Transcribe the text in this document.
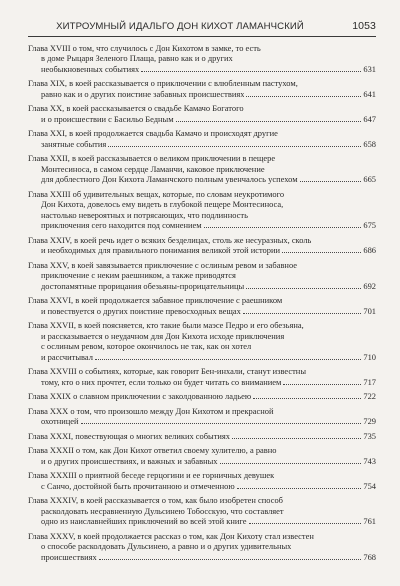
ХИТРОУМНЫЙ ИДАЛЬГО ДОН КИХОТ ЛАМАНЧСКИЙ	1053
Глава XVIII о том, что случилось с Дон Кихотом в замке, то есть
в доме Рыцаря Зеленого Плаща, равно как и о других
необыкновенных событиях	631
Глава XIX, в коей рассказывается о приключении с влюбленным пастухом,
равно как и о других поистине забавных происшествиях	641
Глава XX, в коей рассказывается о свадьбе Камачо Богатого
и о происшествии с Басильо Бедным	647
Глава XXI, в коей продолжается свадьба Камачо и происходят другие
занятные события	658
Глава XXII, в коей рассказывается о великом приключении в пещере
Монтесиноса, в самом сердце Ламанчи, каковое приключение
для доблестного Дон Кихота Ламанчского полным увенчалось успехом	665
Глава XXIII об удивительных вещах, которые, по словам неукротимого
Дон Кихота, довелось ему видеть в глубокой пещере Монтесиноса,
настолько невероятных и потрясающих, что подлинность
приключения сего находится под сомнением	675
Глава XXIV, в коей речь идет о всяких безделицах, столь же несуразных, сколь
и необходимых для правильного понимания великой этой истории	686
Глава XXV, в коей завязывается приключение с ослиным ревом и забавное
приключение с неким раешником, а также приводятся
достопамятные прорицания обезьяны-прорицательницы	692
Глава XXVI, в коей продолжается забавное приключение с раешником
и повествуется о других поистине превосходных вещах	701
Глава XXVII, в коей поясняется, кто такие были маэсе Педро и его обезьяна,
и рассказывается о неудачном для Дон Кихота исходе приключения
с ослиным ревом, которое окончилось не так, как он хотел
и рассчитывал	710
Глава XXVIII о событиях, которые, как говорит Бен-инхали, станут известны
тому, кто о них прочтет, если только он будет читать со вниманием	717
Глава XXIX о славном приключении с заколдованною ладьею	722
Глава XXX о том, что произошло между Дон Кихотом и прекрасной
охотницей	729
Глава XXXI, повествующая о многих великих событиях	735
Глава XXXII о том, как Дон Кихот ответил своему хулителю, а равно
и о других происшествиях, и важных и забавных	743
Глава XXXIII о приятной беседе герцогини и ее горничных девушек
с Санчо, достойной быть прочитанною и отмеченною	754
Глава XXXIV, в коей рассказывается о том, как было изобретен способ
расколдовать несравненную Дульсинею Тобосскую, что составляет
одно из наиславнейших приключений во всей этой книге	761
Глава XXXV, в коей продолжается рассказ о том, как Дон Кихоту стал известен
о способе расколдовать Дульсинею, а равно и о других удивительных
происшествиях	768
